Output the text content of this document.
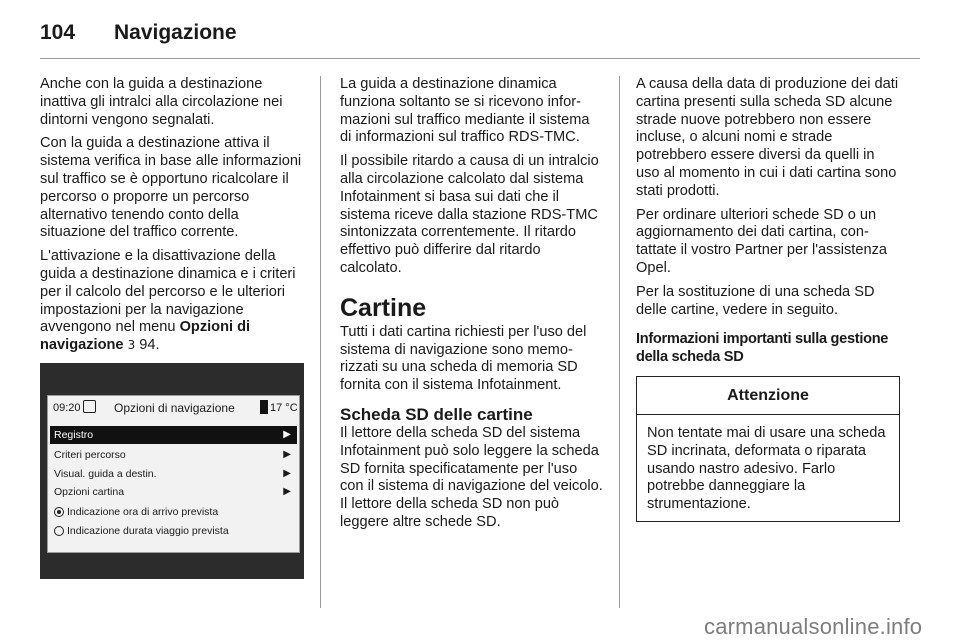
104 Navigazione

Anche con la guida a destinazione inattiva gli intralci alla circolazione nei dintorni vengono segnalati.

Con la guida a destinazione attiva il sistema verifica in base alle informazioni sul traffico se è opportuno ricalcolare il percorso o proporre un percorso alternativo tenendo conto della situazione del traffico corrente.

L'attivazione e la disattivazione della guida a destinazione dinamica e i criteri per il calcolo del percorso e le ulteriori impostazioni per la navigazione avvengono nel menu Opzioni di navigazione 3 94.

09:20	Opzioni di navigazione	17 °C
Registro	▶
Criteri percorso	▶
Visual. guida a destin.	▶
Opzioni cartina	▶
Indicazione ora di arrivo prevista
Indicazione durata viaggio prevista

La guida a destinazione dinamica funziona soltanto se si ricevono informazioni sul traffico mediante il sistema di informazioni sul traffico RDS-TMC.

Il possibile ritardo a causa di un intralcio alla circolazione calcolato dal sistema Infotainment si basa sui dati che il sistema riceve dalla stazione RDS-TMC sintonizzata correntemente. Il ritardo effettivo può differire dal ritardo calcolato.

Cartine

Tutti i dati cartina richiesti per l'uso del sistema di navigazione sono memorizzati su una scheda di memoria SD fornita con il sistema Infotainment.

Scheda SD delle cartine

Il lettore della scheda SD del sistema Infotainment può solo leggere la scheda SD fornita specificatamente per l'uso con il sistema di navigazione del veicolo. Il lettore della scheda SD non può leggere altre schede SD.

A causa della data di produzione dei dati cartina presenti sulla scheda SD alcune strade nuove potrebbero non essere incluse, o alcuni nomi e strade potrebbero essere diversi da quelli in uso al momento in cui i dati cartina sono stati prodotti.

Per ordinare ulteriori schede SD o un aggiornamento dei dati cartina, contattate il vostro Partner per l'assistenza Opel.

Per la sostituzione di una scheda SD delle cartine, vedere in seguito.

Informazioni importanti sulla gestione della scheda SD
Attenzione
Non tentate mai di usare una scheda SD incrinata, deformata o riparata usando nastro adesivo. Farlo potrebbe danneggiare la strumentazione.
carmanualsonline.info
